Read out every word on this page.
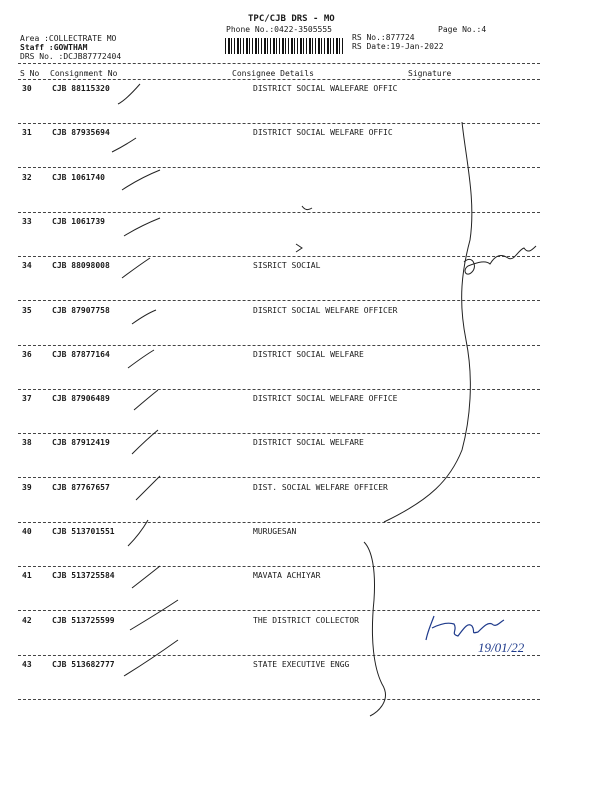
TPC/CJB DRS - MO
Phone No.:0422-3505555	Page No.:4
Area :COLLECTRATE MO
Staff :GOWTHAM
DRS No. :DCJB87772404
RS No.:877724
RS Date:19-Jan-2022
S No Consignment No	Consignee Details	Signature
30	CJB 88115320	DISTRICT SOCIAL WALEFARE OFFIC
31	CJB 87935694	DISTRICT SOCIAL WELFARE OFFIC
32	CJB 1061740
33	CJB 1061739
34	CJB 88098008	SISRICT SOCIAL
35	CJB 87907758	DISRICT SOCIAL WELFARE OFFICER
36	CJB 87877164	DISTRICT SOCIAL WELFARE
37	CJB 87906489	DISTRICT SOCIAL WELFARE OFFICE
38	CJB 87912419	DISTRICT SOCIAL WELFARE
39	CJB 87767657	DIST. SOCIAL WELFARE OFFICER
40	CJB 513701551	MURUGESAN
41	CJB 513725584	MAVATA ACHIYAR
42	CJB 513725599	THE DISTRICT COLLECTOR
43	CJB 513682777	STATE EXECUTIVE ENGG
19/01/22
